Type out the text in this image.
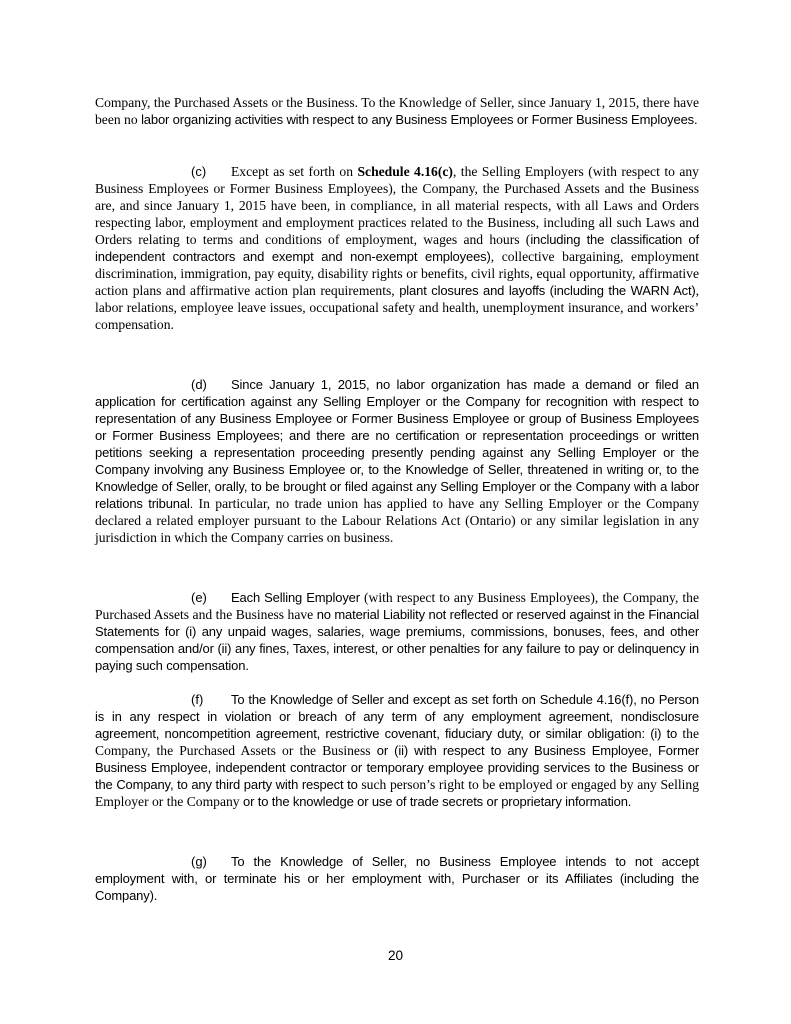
Company, the Purchased Assets or the Business. To the Knowledge of Seller, since January 1, 2015, there have been no labor organizing activities with respect to any Business Employees or Former Business Employees.

(c) Except as set forth on Schedule 4.16(c), the Selling Employers (with respect to any Business Employees or Former Business Employees), the Company, the Purchased Assets and the Business are, and since January 1, 2015 have been, in compliance, in all material respects, with all Laws and Orders respecting labor, employment and employment practices related to the Business, including all such Laws and Orders relating to terms and conditions of employment, wages and hours (including the classification of independent contractors and exempt and non-exempt employees), collective bargaining, employment discrimination, immigration, pay equity, disability rights or benefits, civil rights, equal opportunity, affirmative action plans and affirmative action plan requirements, plant closures and layoffs (including the WARN Act), labor relations, employee leave issues, occupational safety and health, unemployment insurance, and workers’ compensation.

(d) Since January 1, 2015, no labor organization has made a demand or filed an application for certification against any Selling Employer or the Company for recognition with respect to representation of any Business Employee or Former Business Employee or group of Business Employees or Former Business Employees; and there are no certification or representation proceedings or written petitions seeking a representation proceeding presently pending against any Selling Employer or the Company involving any Business Employee or, to the Knowledge of Seller, threatened in writing or, to the Knowledge of Seller, orally, to be brought or filed against any Selling Employer or the Company with a labor relations tribunal. In particular, no trade union has applied to have any Selling Employer or the Company declared a related employer pursuant to the Labour Relations Act (Ontario) or any similar legislation in any jurisdiction in which the Company carries on business.

(e) Each Selling Employer (with respect to any Business Employees), the Company, the Purchased Assets and the Business have no material Liability not reflected or reserved against in the Financial Statements for (i) any unpaid wages, salaries, wage premiums, commissions, bonuses, fees, and other compensation and/or (ii) any fines, Taxes, interest, or other penalties for any failure to pay or delinquency in paying such compensation.

(f) To the Knowledge of Seller and except as set forth on Schedule 4.16(f), no Person is in any respect in violation or breach of any term of any employment agreement, nondisclosure agreement, noncompetition agreement, restrictive covenant, fiduciary duty, or similar obligation: (i) to the Company, the Purchased Assets or the Business or (ii) with respect to any Business Employee, Former Business Employee, independent contractor or temporary employee providing services to the Business or the Company, to any third party with respect to such person’s right to be employed or engaged by any Selling Employer or the Company or to the knowledge or use of trade secrets or proprietary information.

(g) To the Knowledge of Seller, no Business Employee intends to not accept employment with, or terminate his or her employment with, Purchaser or its Affiliates (including the Company).

20
